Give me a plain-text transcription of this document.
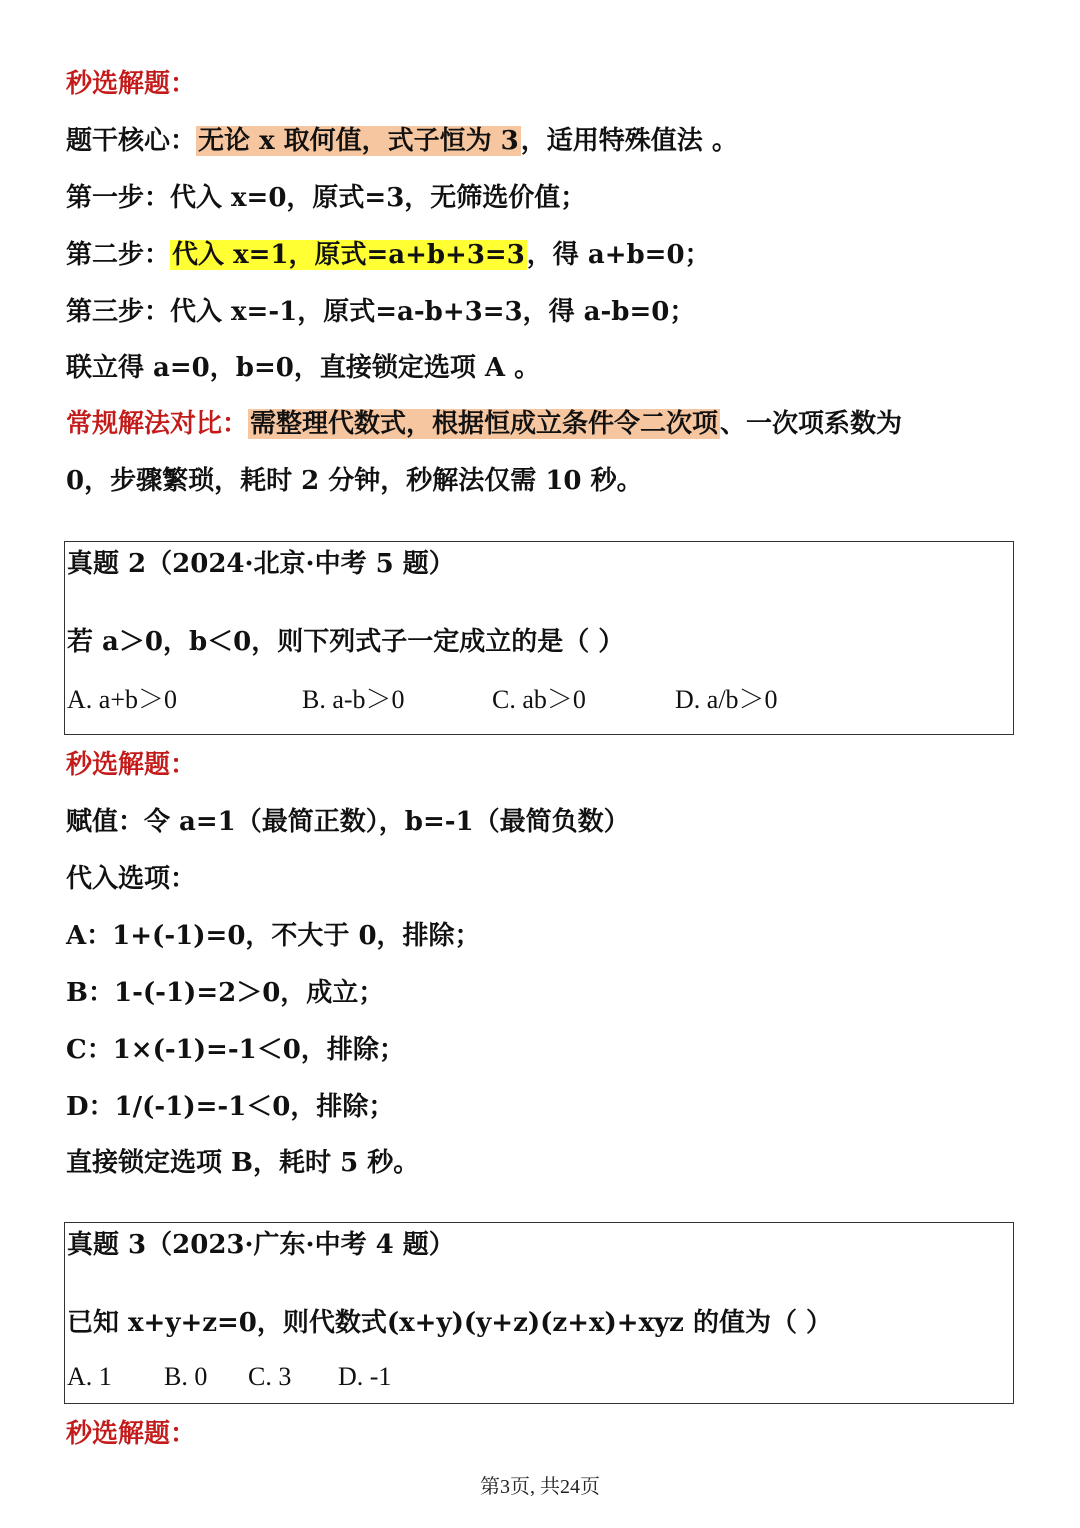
秒选解题：
题干核心：无论 x 取何值，式子恒为 3，适用特殊值法 。
第一步：代入 x=0，原式=3，无筛选价值；
第二步：代入 x=1，原式=a+b+3=3，得 a+b=0；
第三步：代入 x=-1，原式=a-b+3=3，得 a-b=0；
联立得 a=0，b=0，直接锁定选项 A 。
常规解法对比：需整理代数式，根据恒成立条件令二次项、一次项系数为
0，步骤繁琐，耗时 2 分钟，秒解法仅需 10 秒。
真题 2（2024·北京·中考 5 题）
若 a＞0，b＜0，则下列式子一定成立的是（ ）
A. a+b＞0	B. a-b＞0	C. ab＞0	D. a/b＞0
秒选解题：
赋值：令 a=1（最简正数），b=-1（最简负数）
代入选项：
A：1+(-1)=0，不大于 0，排除；
B：1-(-1)=2＞0，成立；
C：1×(-1)=-1＜0，排除；
D：1/(-1)=-1＜0，排除；
直接锁定选项 B，耗时 5 秒。
真题 3（2023·广东·中考 4 题）
已知 x+y+z=0，则代数式(x+y)(y+z)(z+x)+xyz 的值为（ ）
A. 1 B. 0 C. 3 D. -1
秒选解题：
第3页, 共24页
